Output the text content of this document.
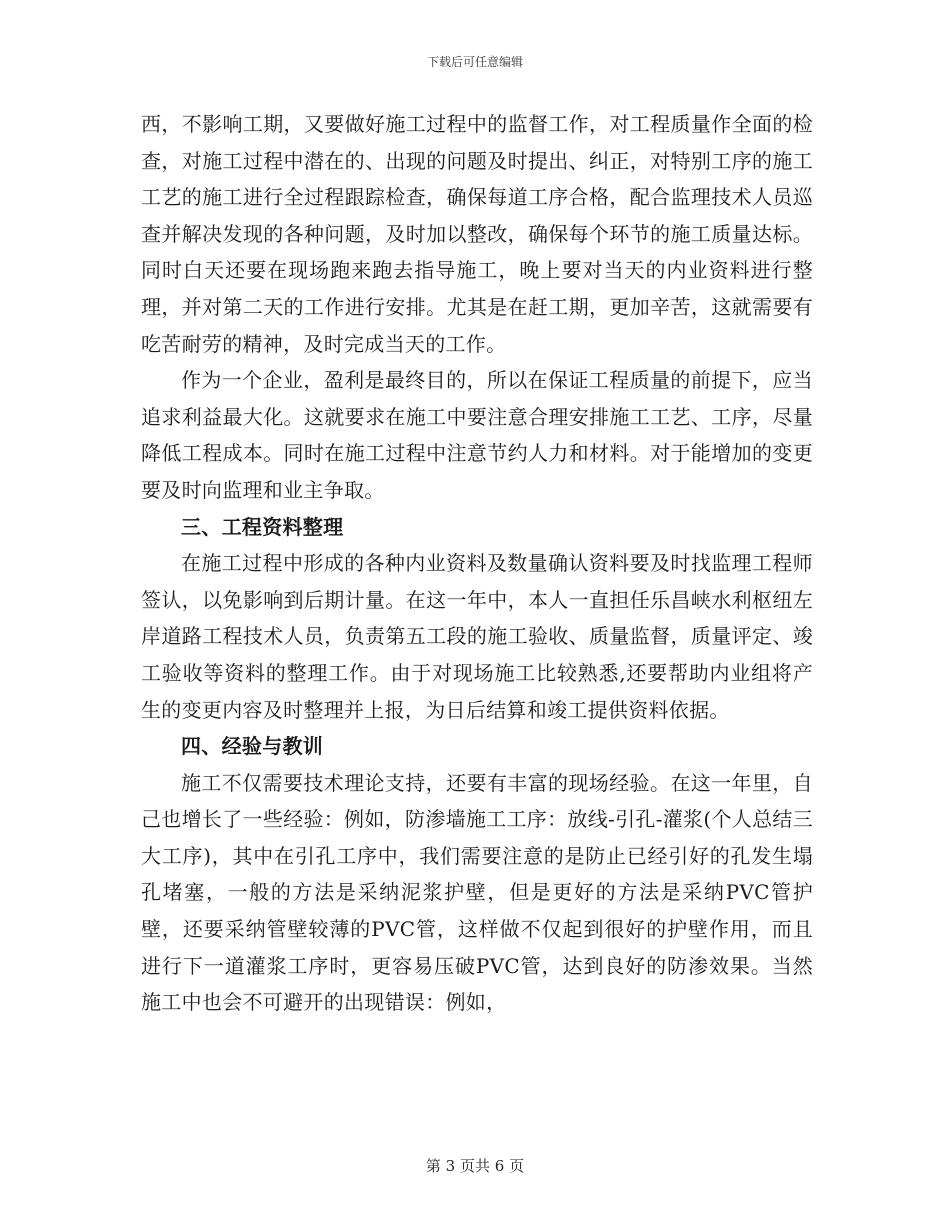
下载后可任意编辑

西，不影响工期，又要做好施工过程中的监督工作，对工程质量作全面的检查，对施工过程中潜在的、出现的问题及时提出、纠正，对特别工序的施工工艺的施工进行全过程跟踪检查，确保每道工序合格，配合监理技术人员巡查并解决发现的各种问题，及时加以整改，确保每个环节的施工质量达标。同时白天还要在现场跑来跑去指导施工，晚上要对当天的内业资料进行整理，并对第二天的工作进行安排。尤其是在赶工期，更加辛苦，这就需要有吃苦耐劳的精神，及时完成当天的工作。

作为一个企业，盈利是最终目的，所以在保证工程质量的前提下，应当追求利益最大化。这就要求在施工中要注意合理安排施工工艺、工序，尽量降低工程成本。同时在施工过程中注意节约人力和材料。对于能增加的变更要及时向监理和业主争取。

三、工程资料整理

在施工过程中形成的各种内业资料及数量确认资料要及时找监理工程师签认，以免影响到后期计量。在这一年中，本人一直担任乐昌峡水利枢纽左岸道路工程技术人员，负责第五工段的施工验收、质量监督，质量评定、竣工验收等资料的整理工作。由于对现场施工比较熟悉,还要帮助内业组将产生的变更内容及时整理并上报，为日后结算和竣工提供资料依据。

四、经验与教训

施工不仅需要技术理论支持，还要有丰富的现场经验。在这一年里，自己也增长了一些经验：例如，防渗墙施工工序：放线-引孔-灌浆(个人总结三大工序)，其中在引孔工序中，我们需要注意的是防止已经引好的孔发生塌孔堵塞，一般的方法是采纳泥浆护壁，但是更好的方法是采纳PVC管护壁，还要采纳管壁较薄的PVC管，这样做不仅起到很好的护壁作用，而且进行下一道灌浆工序时，更容易压破PVC管，达到良好的防渗效果。当然施工中也会不可避开的出现错误：例如，

第 3 页共 6 页
